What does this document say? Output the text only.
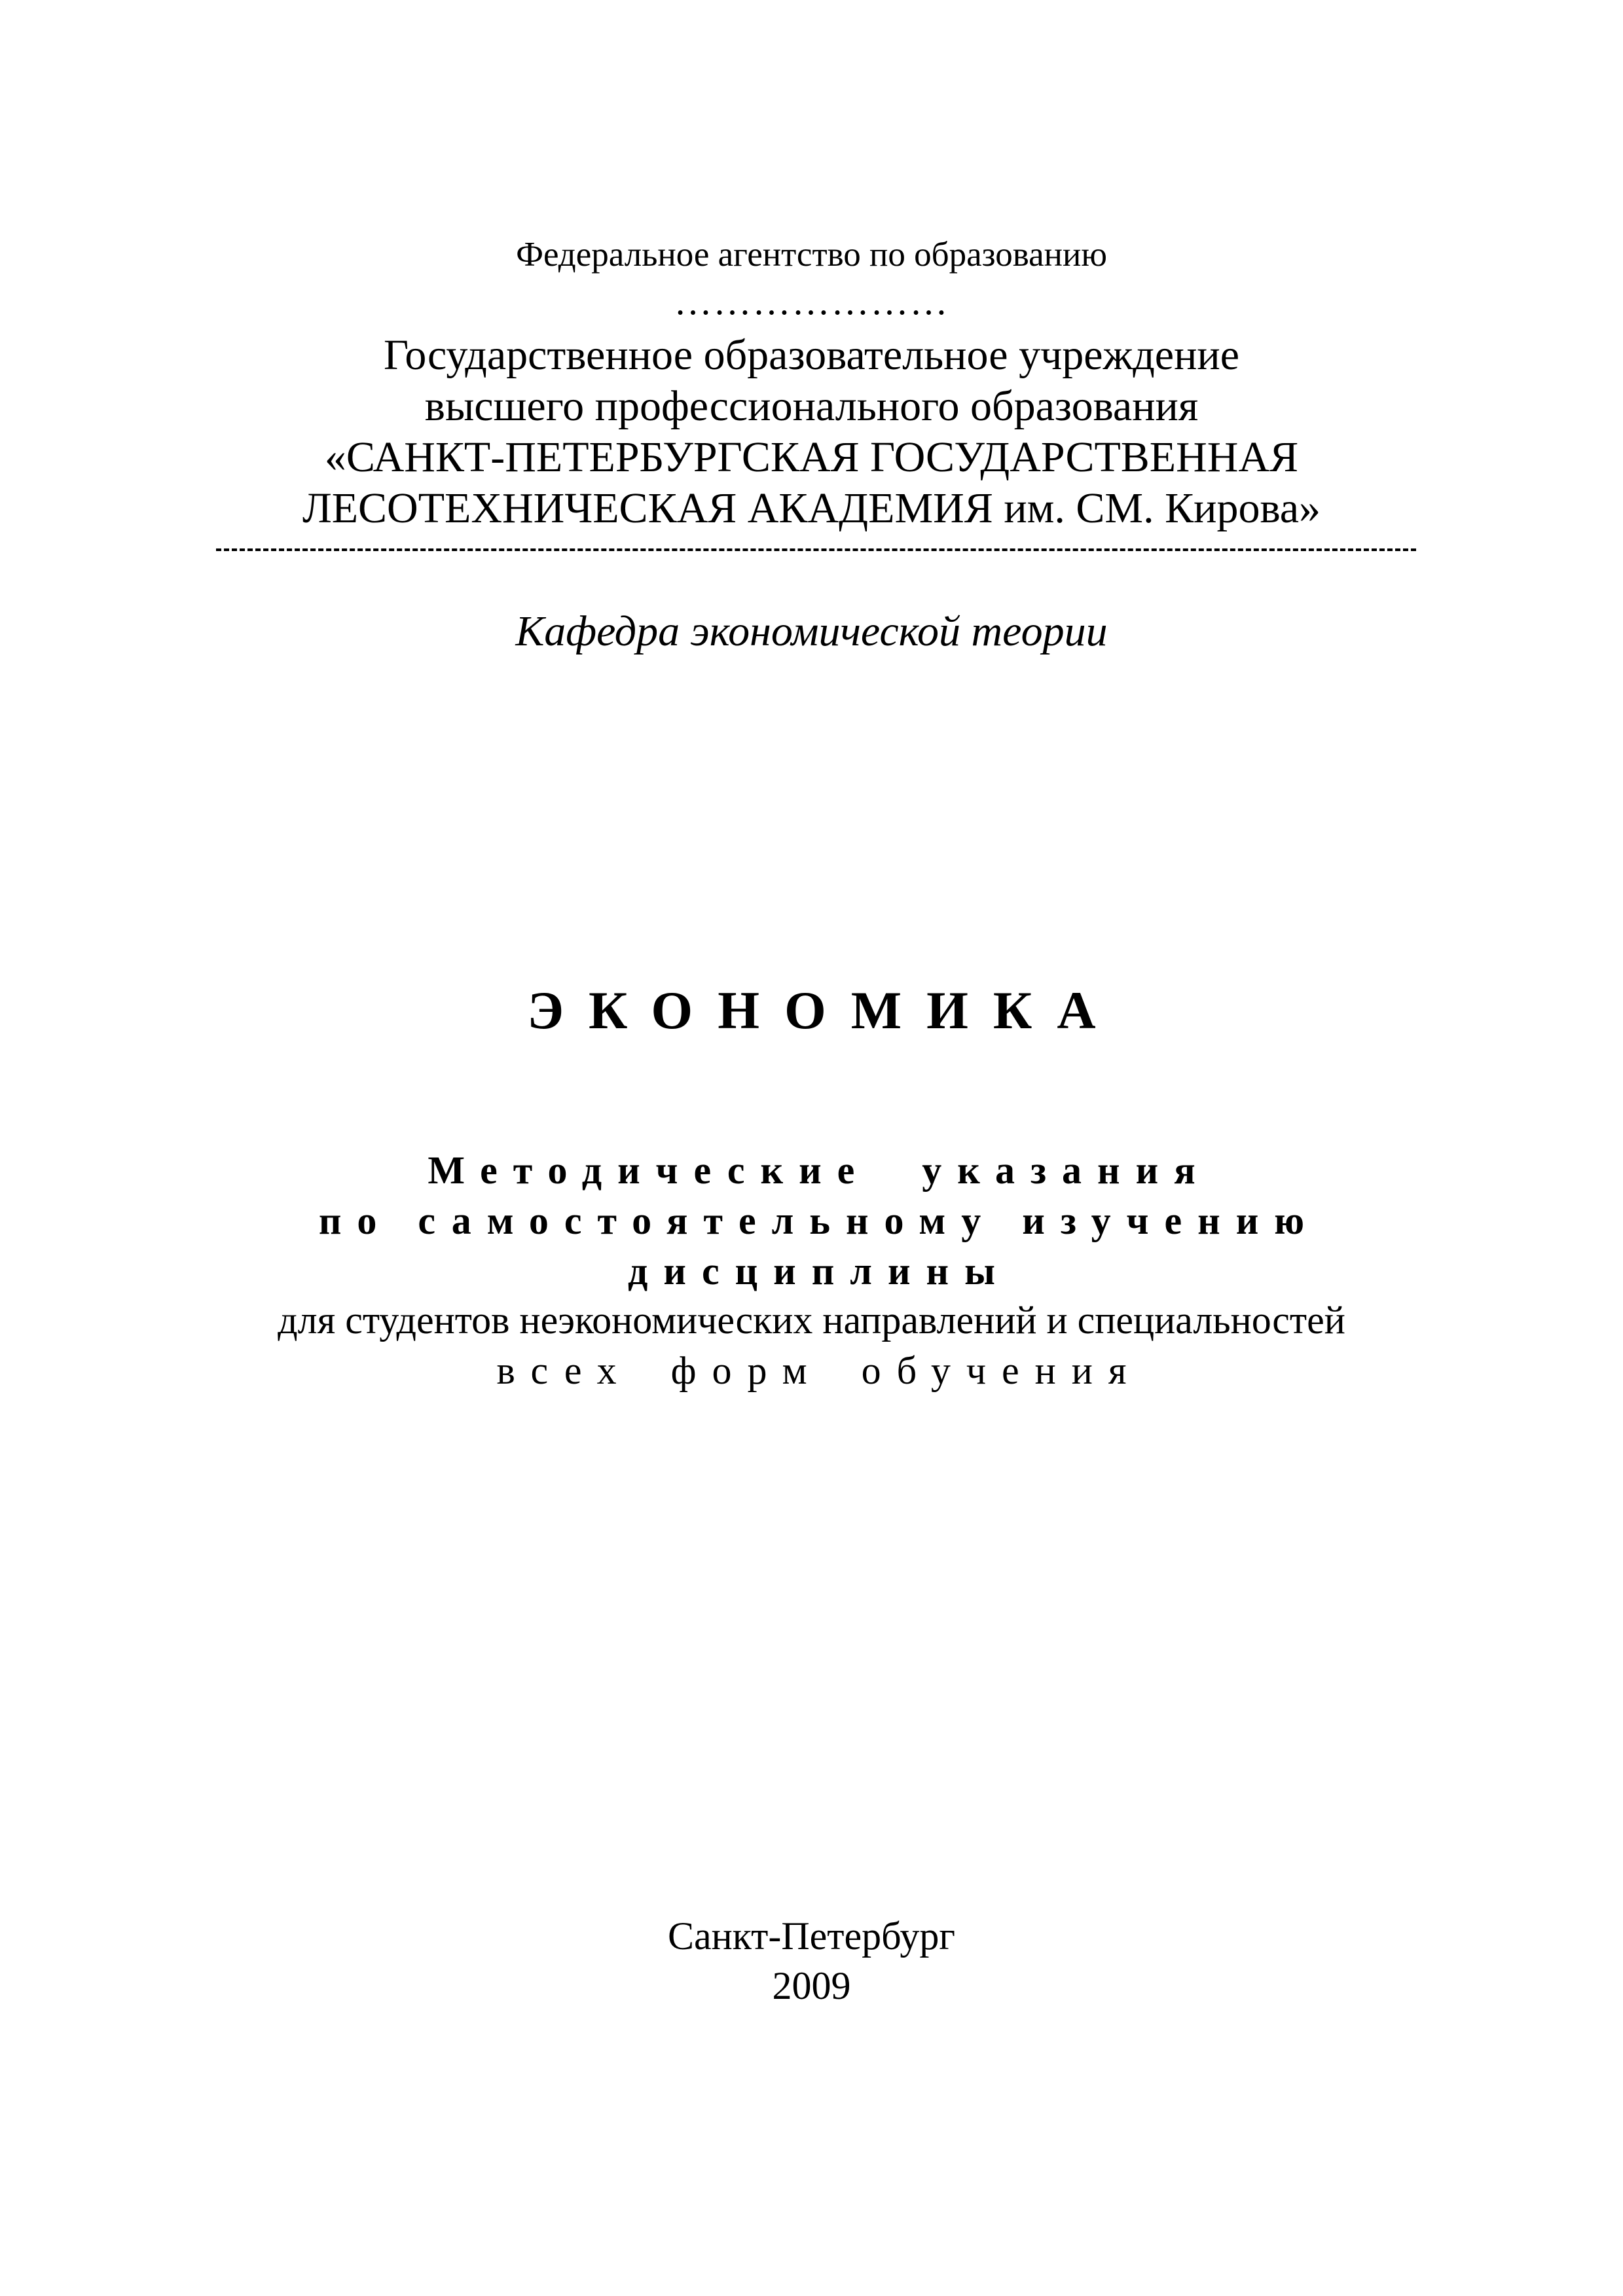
Федеральное агентство по образованию
…………………
Государственное образовательное учреждение
высшего профессионального образования
«САНКТ-ПЕТЕРБУРГСКАЯ ГОСУДАРСТВЕННАЯ
ЛЕСОТЕХНИЧЕСКАЯ АКАДЕМИЯ им. СМ. Кирова»
Кафедра экономической теории
ЭКОНОМИКА
Методические указания
по самостоятельному изучению
дисциплины
для студентов неэкономических направлений и специальностей
всех форм обучения
Санкт-Петербург
2009
